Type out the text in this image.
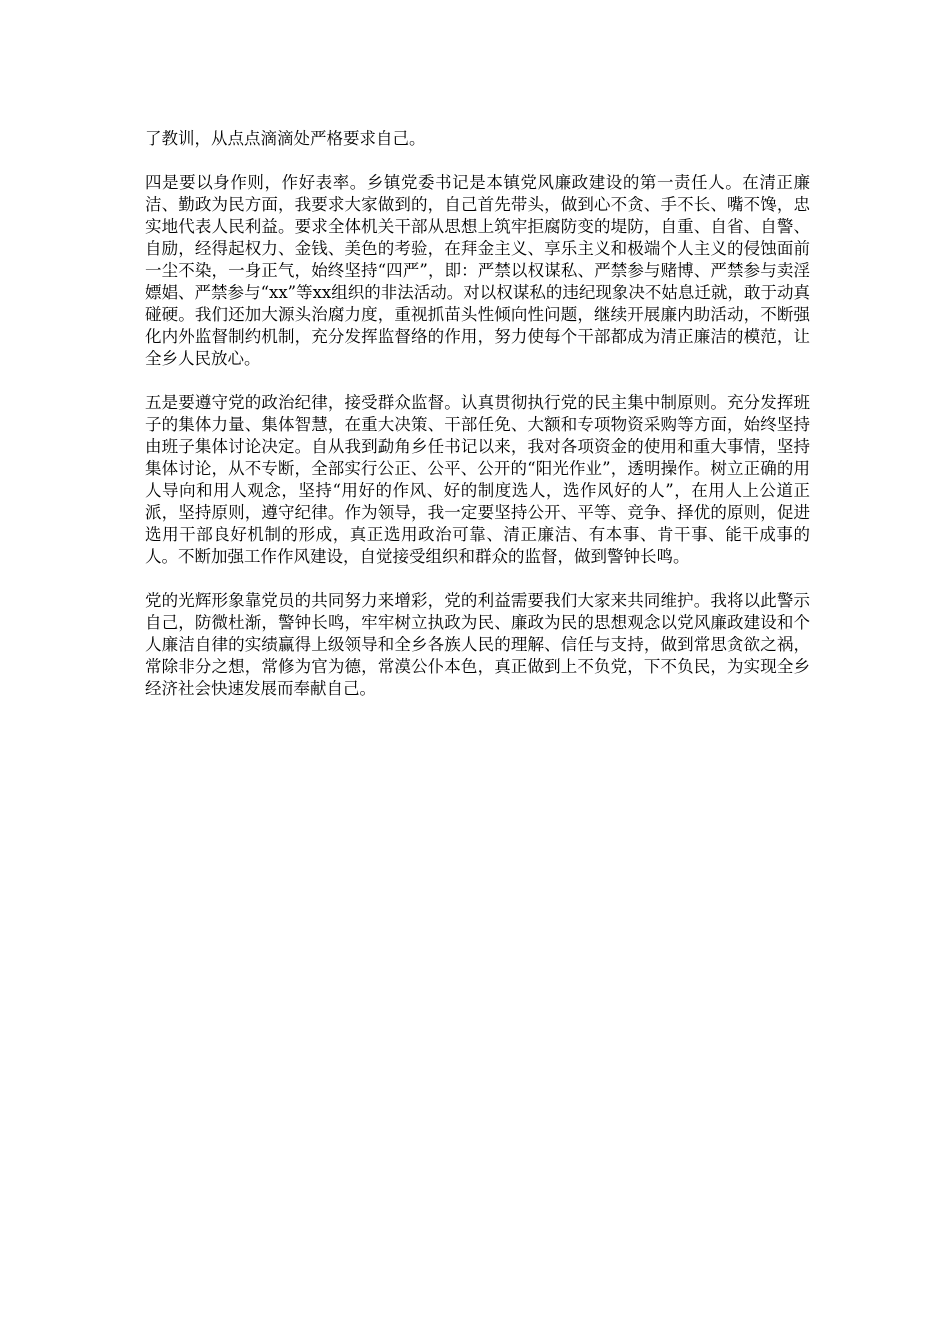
了教训，从点点滴滴处严格要求自己。

四是要以身作则，作好表率。乡镇党委书记是本镇党风廉政建设的第一责任人。在清正廉洁、勤政为民方面，我要求大家做到的，自己首先带头，做到心不贪、手不长、嘴不馋，忠实地代表人民利益。要求全体机关干部从思想上筑牢拒腐防变的堤防，自重、自省、自警、自励，经得起权力、金钱、美色的考验，在拜金主义、享乐主义和极端个人主义的侵蚀面前一尘不染，一身正气，始终坚持“四严”，即：严禁以权谋私、严禁参与赌博、严禁参与卖淫嫖娼、严禁参与“xx”等xx组织的非法活动。对以权谋私的违纪现象决不姑息迁就，敢于动真碰硬。我们还加大源头治腐力度，重视抓苗头性倾向性问题，继续开展廉内助活动，不断强化内外监督制约机制，充分发挥监督络的作用，努力使每个干部都成为清正廉洁的模范，让全乡人民放心。

五是要遵守党的政治纪律，接受群众监督。认真贯彻执行党的民主集中制原则。充分发挥班子的集体力量、集体智慧，在重大决策、干部任免、大额和专项物资采购等方面，始终坚持由班子集体讨论决定。自从我到勐角乡任书记以来，我对各项资金的使用和重大事情，坚持集体讨论，从不专断，全部实行公正、公平、公开的“阳光作业”，透明操作。树立正确的用人导向和用人观念，坚持“用好的作风、好的制度选人，选作风好的人”，在用人上公道正派，坚持原则，遵守纪律。作为领导，我一定要坚持公开、平等、竞争、择优的原则，促进选用干部良好机制的形成，真正选用政治可靠、清正廉洁、有本事、肯干事、能干成事的人。不断加强工作作风建设，自觉接受组织和群众的监督，做到警钟长鸣。

党的光辉形象靠党员的共同努力来增彩，党的利益需要我们大家来共同维护。我将以此警示自己，防微杜渐，警钟长鸣，牢牢树立执政为民、廉政为民的思想观念以党风廉政建设和个人廉洁自律的实绩赢得上级领导和全乡各族人民的理解、信任与支持，做到常思贪欲之祸，常除非分之想，常修为官为德，常漠公仆本色，真正做到上不负党，下不负民，为实现全乡经济社会快速发展而奉献自己。
